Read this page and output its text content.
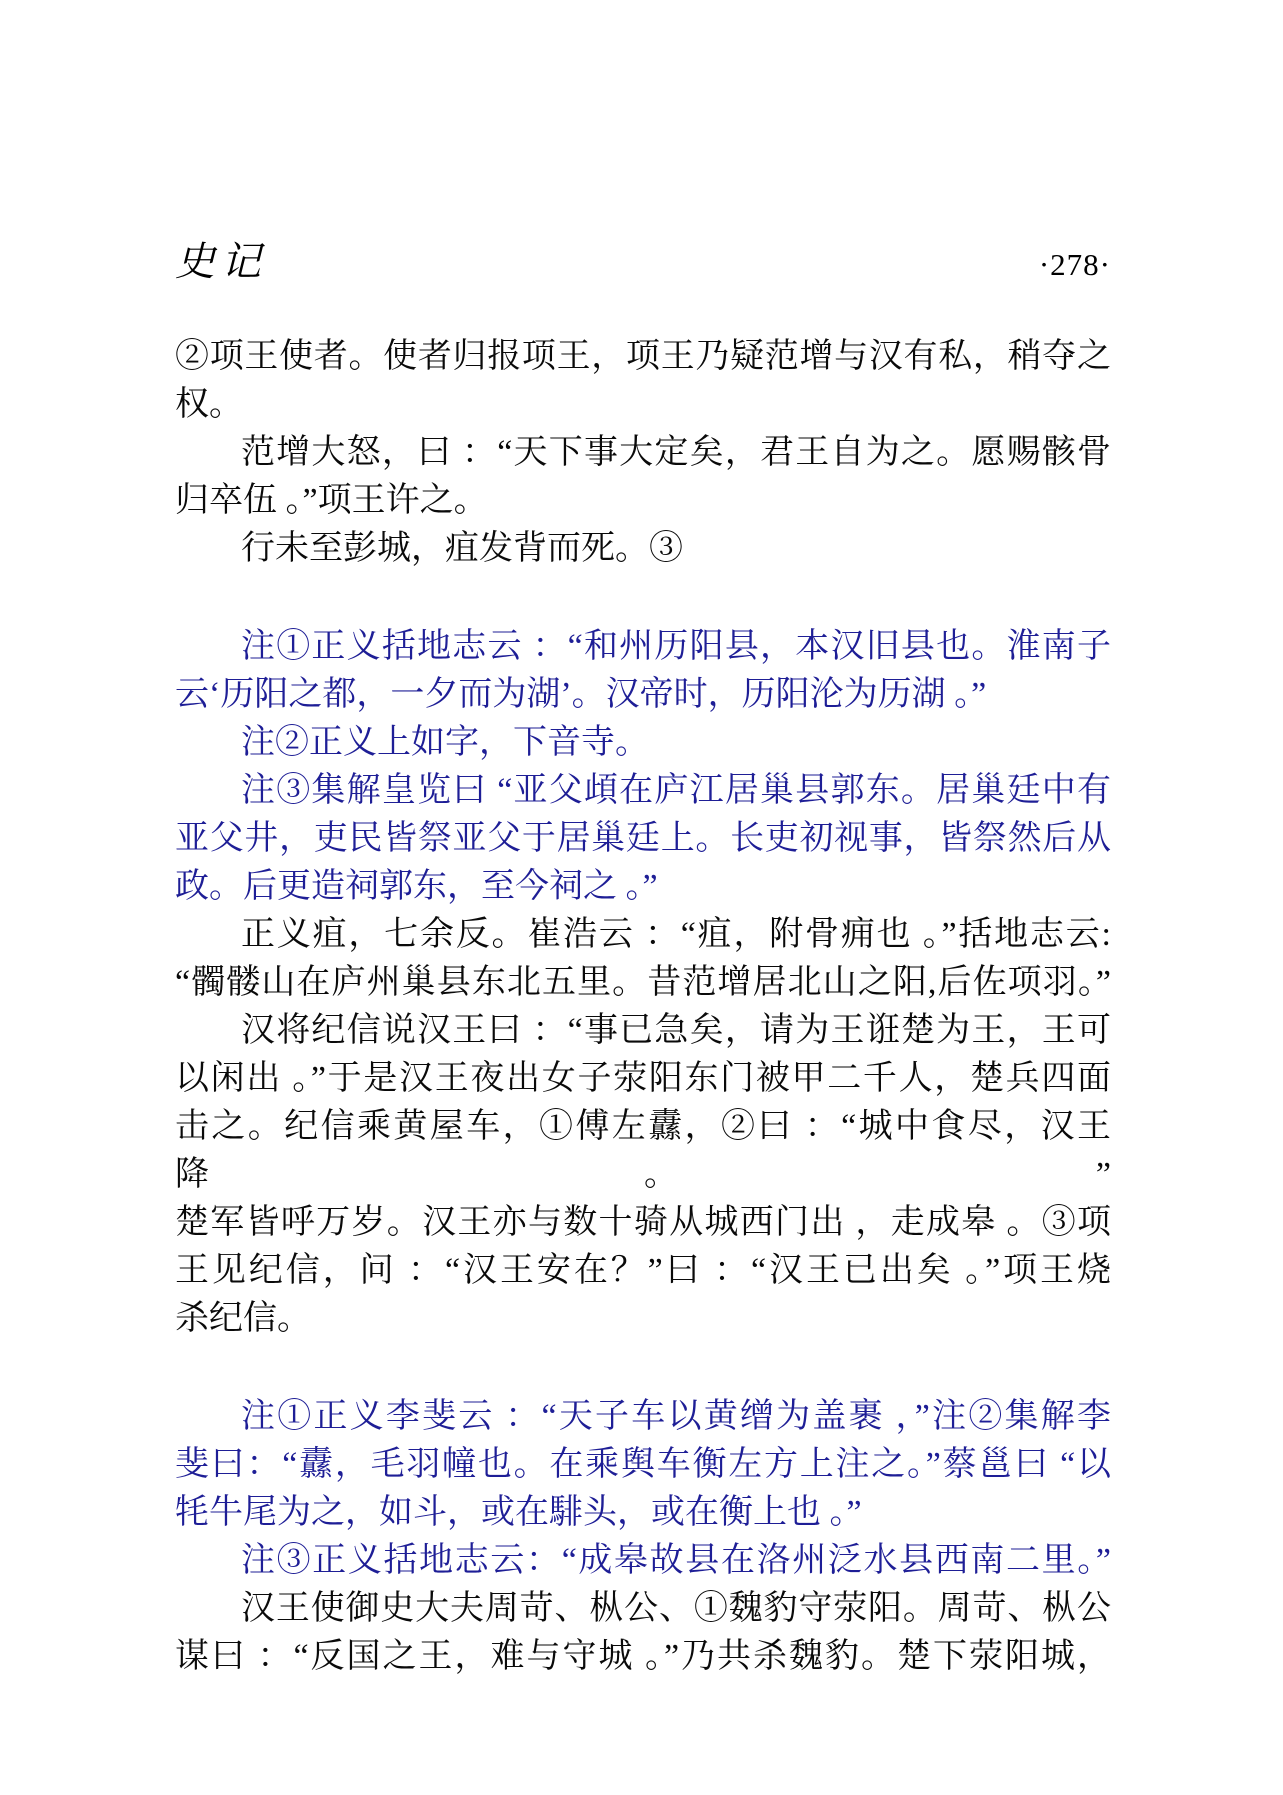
史记	·278·
②项王使者。使者归报项王，项王乃疑范增与汉有私，稍夺之
权。
范增大怒，曰 ：“天下事大定矣，君王自为之。愿赐骸骨
归卒伍 。”项王许之。
行未至彭城，疽发背而死。③
注①正义括地志云 ：“和州历阳县，本汉旧县也。淮南子
云‘历阳之都，一夕而为湖’。汉帝时，历阳沦为历湖 。”
注②正义上如字，下音寺。
注③集解皇览曰 “亚父頉在庐江居巢县郭东。居巢廷中有
亚父井，吏民皆祭亚父于居巢廷上。长吏初视事，皆祭然后从
政。后更造祠郭东，至今祠之 。”
正义疽，七余反。崔浩云 ：“疽，附骨痈也 。”括地志云:
“髑髅山在庐州巢县东北五里。昔范增居北山之阳,后佐项羽。”
汉将纪信说汉王曰 ：“事已急矣，请为王诳楚为王，王可
以闲出 。”于是汉王夜出女子荥阳东门被甲二千人，楚兵四面
击之。纪信乘黄屋车，①傅左纛，②曰 ：“城中食尽，汉王降。”
楚军皆呼万岁。汉王亦与数十骑从城西门出 ，走成皋 。③项
王见纪信，问 ：“汉王安在？”曰 ：“汉王已出矣 。”项王烧
杀纪信。
注①正义李斐云 ：“天子车以黄缯为盖裹 ，”注②集解李
斐曰：“纛，毛羽幢也。在乘舆车衡左方上注之。”蔡邕曰 “以
牦牛尾为之，如斗，或在騑头，或在衡上也 。”
注③正义括地志云：“成皋故县在洛州泛水县西南二里。”
汉王使御史大夫周苛、枞公、①魏豹守荥阳。周苛、枞公
谋曰 ：“反国之王，难与守城 。”乃共杀魏豹。楚下荥阳城，
